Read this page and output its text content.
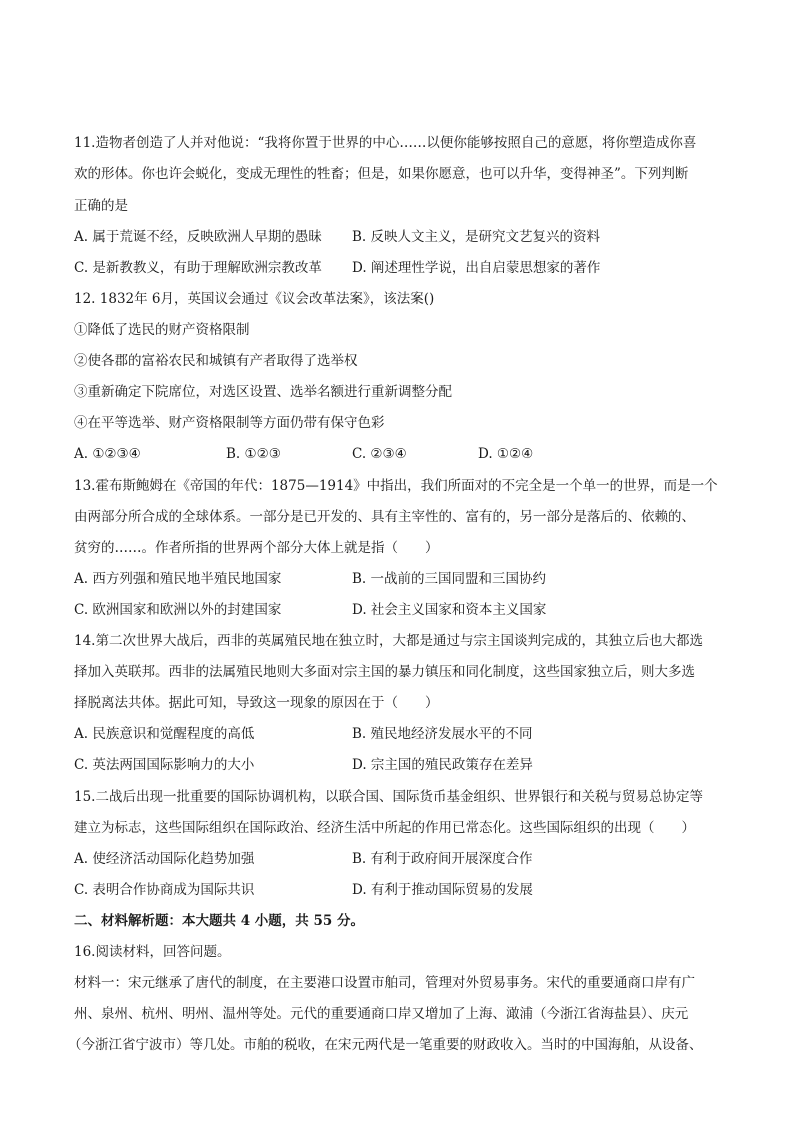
11.造物者创造了人并对他说：“我将你置于世界的中心……以便你能够按照自己的意愿，将你塑造成你喜
欢的形体。你也许会蜕化，变成无理性的牲畜；但是，如果你愿意，也可以升华，变得神圣”。下列判断
正确的是
A. 属于荒诞不经，反映欧洲人早期的愚昧 B. 反映人文主义，是研究文艺复兴的资料
C. 是新教教义，有助于理解欧洲宗教改革 D. 阐述理性学说，出自启蒙思想家的著作
12. 1832年 6月，英国议会通过《议会改革法案》，该法案()
①降低了选民的财产资格限制
②使各郡的富裕农民和城镇有产者取得了选举权
③重新确定下院席位，对选区设置、选举名额进行重新调整分配
④在平等选举、财产资格限制等方面仍带有保守色彩
A. ①②③④	B. ①②③	C. ②③④	D. ①②④
13.霍布斯鲍姆在《帝国的年代：1875—1914》中指出，我们所面对的不完全是一个单一的世界，而是一个
由两部分所合成的全球体系。一部分是已开发的、具有主宰性的、富有的，另一部分是落后的、依赖的、
贫穷的……。作者所指的世界两个部分大体上就是指（　　）
A. 西方列强和殖民地半殖民地国家	B. 一战前的三国同盟和三国协约
C. 欧洲国家和欧洲以外的封建国家	D. 社会主义国家和资本主义国家
14.第二次世界大战后，西非的英属殖民地在独立时，大都是通过与宗主国谈判完成的，其独立后也大都选
择加入英联邦。西非的法属殖民地则大多面对宗主国的暴力镇压和同化制度，这些国家独立后，则大多选
择脱离法共体。据此可知，导致这一现象的原因在于（　　）
A. 民族意识和觉醒程度的高低	B. 殖民地经济发展水平的不同
C. 英法两国国际影响力的大小	D. 宗主国的殖民政策存在差异
15.二战后出现一批重要的国际协调机构，以联合国、国际货币基金组织、世界银行和关税与贸易总协定等
建立为标志，这些国际组织在国际政治、经济生活中所起的作用已常态化。这些国际组织的出现（　　）
A. 使经济活动国际化趋势加强	B. 有利于政府间开展深度合作
C. 表明合作协商成为国际共识	D. 有利于推动国际贸易的发展
二、材料解析题：本大题共 4 小题，共 55 分。
16.阅读材料，回答问题。
材料一：宋元继承了唐代的制度，在主要港口设置市舶司，管理对外贸易事务。宋代的重要通商口岸有广
州、泉州、杭州、明州、温州等处。元代的重要通商口岸又增加了上海、澉浦（今浙江省海盐县）、庆元
（今浙江省宁波市）等几处。市舶的税收，在宋元两代是一笔重要的财政收入。当时的中国海舶，从设备、
